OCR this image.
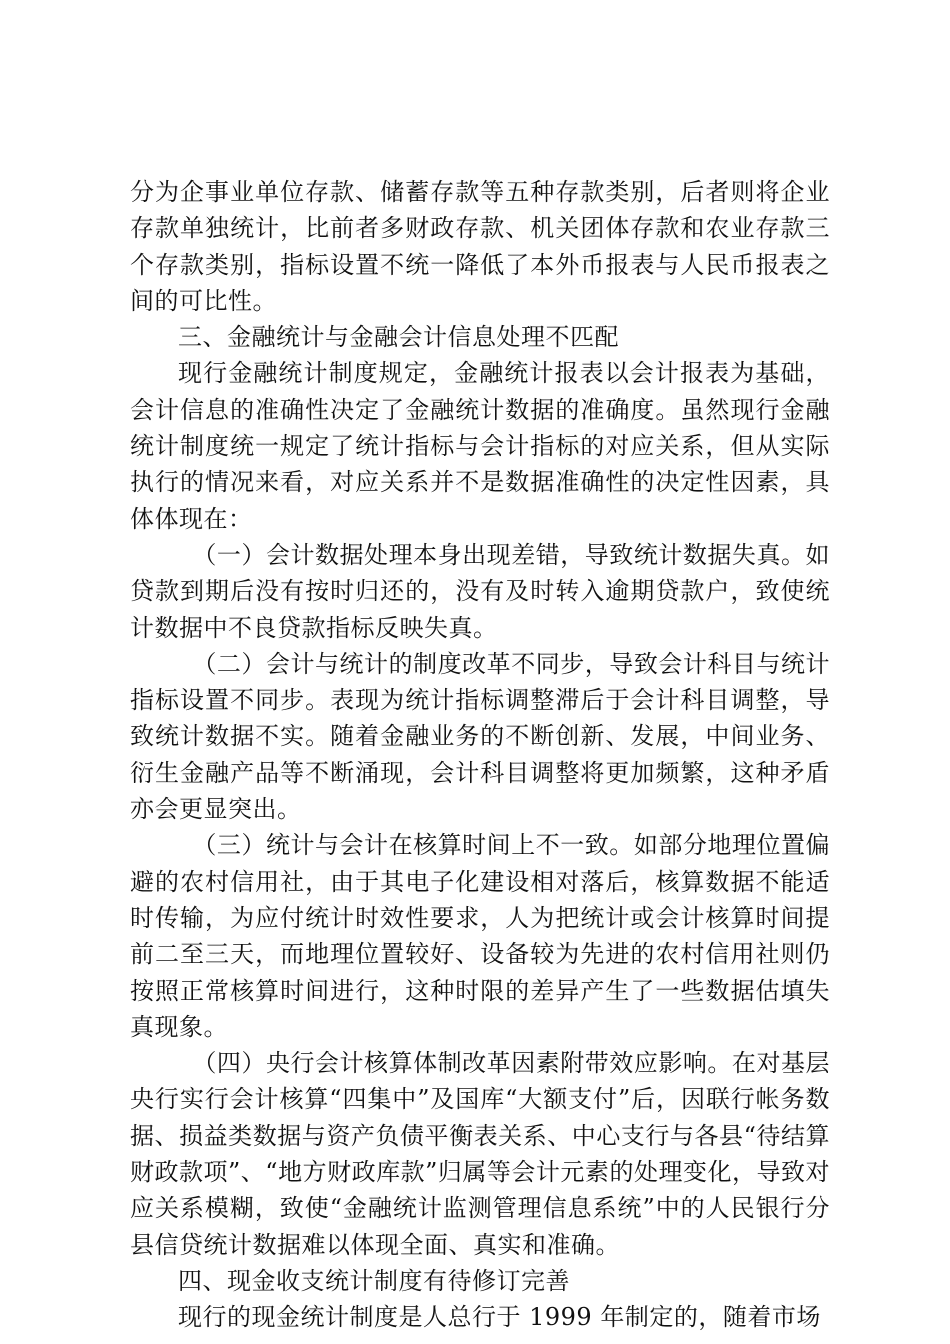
分为企事业单位存款、储蓄存款等五种存款类别，后者则将企业存款单独统计，比前者多财政存款、机关团体存款和农业存款三个存款类别，指标设置不统一降低了本外币报表与人民币报表之间的可比性。

三、金融统计与金融会计信息处理不匹配

现行金融统计制度规定，金融统计报表以会计报表为基础，会计信息的准确性决定了金融统计数据的准确度。虽然现行金融统计制度统一规定了统计指标与会计指标的对应关系，但从实际执行的情况来看，对应关系并不是数据准确性的决定性因素，具体体现在：

（一）会计数据处理本身出现差错，导致统计数据失真。如贷款到期后没有按时归还的，没有及时转入逾期贷款户，致使统计数据中不良贷款指标反映失真。

（二）会计与统计的制度改革不同步，导致会计科目与统计指标设置不同步。表现为统计指标调整滞后于会计科目调整，导致统计数据不实。随着金融业务的不断创新、发展，中间业务、衍生金融产品等不断涌现，会计科目调整将更加频繁，这种矛盾亦会更显突出。

（三）统计与会计在核算时间上不一致。如部分地理位置偏避的农村信用社，由于其电子化建设相对落后，核算数据不能适时传输，为应付统计时效性要求，人为把统计或会计核算时间提前二至三天，而地理位置较好、设备较为先进的农村信用社则仍按照正常核算时间进行，这种时限的差异产生了一些数据估填失真现象。

（四）央行会计核算体制改革因素附带效应影响。在对基层央行实行会计核算“四集中”及国库“大额支付”后，因联行帐务数据、损益类数据与资产负债平衡表关系、中心支行与各县“待结算财政款项”、“地方财政库款”归属等会计元素的处理变化，导致对应关系模糊，致使“金融统计监测管理信息系统”中的人民银行分县信贷统计数据难以体现全面、真实和准确。

四、现金收支统计制度有待修订完善

现行的现金统计制度是人总行于 1999 年制定的，随着市场
